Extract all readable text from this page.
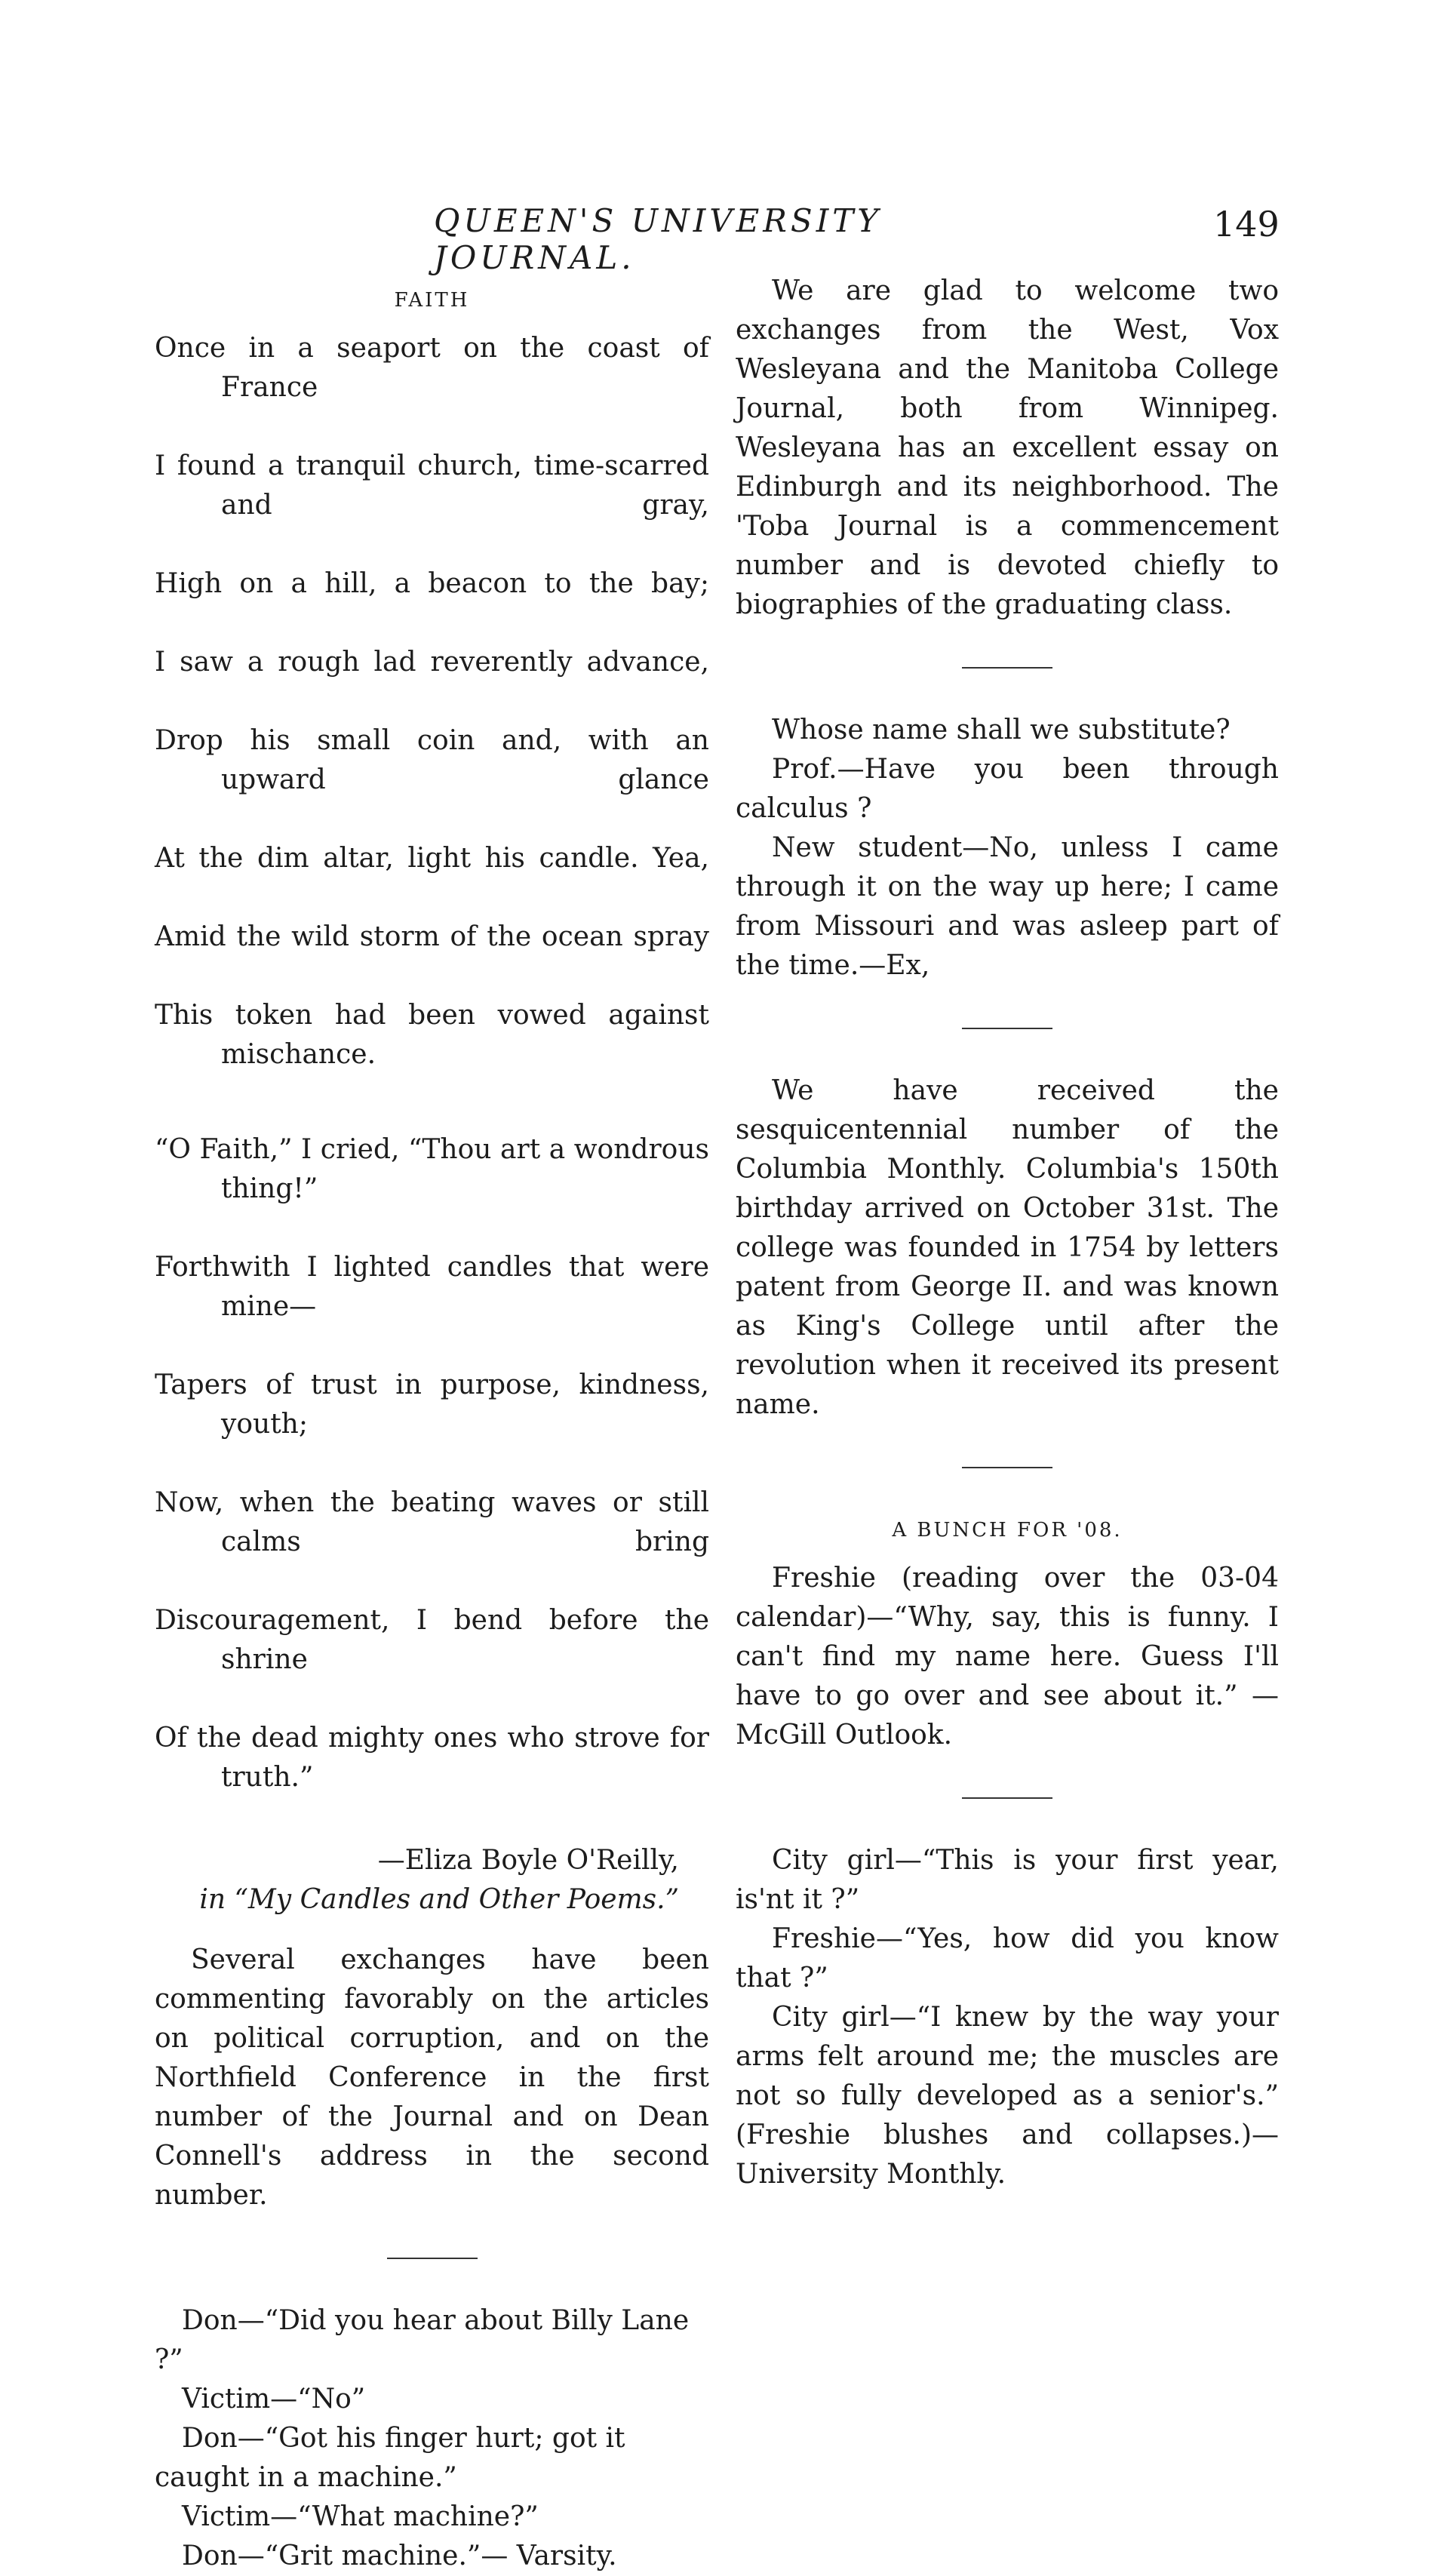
QUEEN'S UNIVERSITY JOURNAL.
149
FAITH

Once in a seaport on the coast of France

I found a tranquil church, time-scarred and gray,

High on a hill, a beacon to the bay;

I saw a rough lad reverently advance,

Drop his small coin and, with an upward glance

At the dim altar, light his candle. Yea,

Amid the wild storm of the ocean spray

This token had been vowed against mischance.

“O Faith,” I cried, “Thou art a wondrous thing!”

Forthwith I lighted candles that were mine—

Tapers of trust in purpose, kindness, youth;

Now, when the beating waves or still calms bring

Discouragement, I bend before the shrine

Of the dead mighty ones who strove for truth.”

—Eliza Boyle O'Reilly,
in “My Candles and Other Poems.”

Several exchanges have been commenting favorably on the articles on political corruption, and on the Northfield Conference in the first number of the Journal and on Dean Connell's address in the second number.

Don—“Did you hear about Billy Lane ?”

Victim—“No”

Don—“Got his finger hurt; got it caught in a machine.”

Victim—“What machine?”

Don—“Grit machine.”— Varsity.

We are glad to welcome two exchanges from the West, Vox Wesleyana and the Manitoba College Journal, both from Winnipeg. Wesleyana has an excellent essay on Edinburgh and its neighborhood. The 'Toba Journal is a commencement number and is devoted chiefly to biographies of the graduating class.

Whose name shall we substitute?

Prof.—Have you been through calculus ?

New student—No, unless I came through it on the way up here; I came from Missouri and was asleep part of the time.—Ex,

We have received the sesquicentennial number of the Columbia Monthly. Columbia's 150th birthday arrived on October 31st. The college was founded in 1754 by letters patent from George II. and was known as King's College until after the revolution when it received its present name.

A BUNCH FOR '08.

Freshie (reading over the 03-04 calendar)—“Why, say, this is funny. I can't find my name here. Guess I'll have to go over and see about it.” —McGill Outlook.

City girl—“This is your first year, is'nt it ?”

Freshie—“Yes, how did you know that ?”

City girl—“I knew by the way your arms felt around me; the muscles are not so fully developed as a senior's.” (Freshie blushes and collapses.)—University Monthly.
